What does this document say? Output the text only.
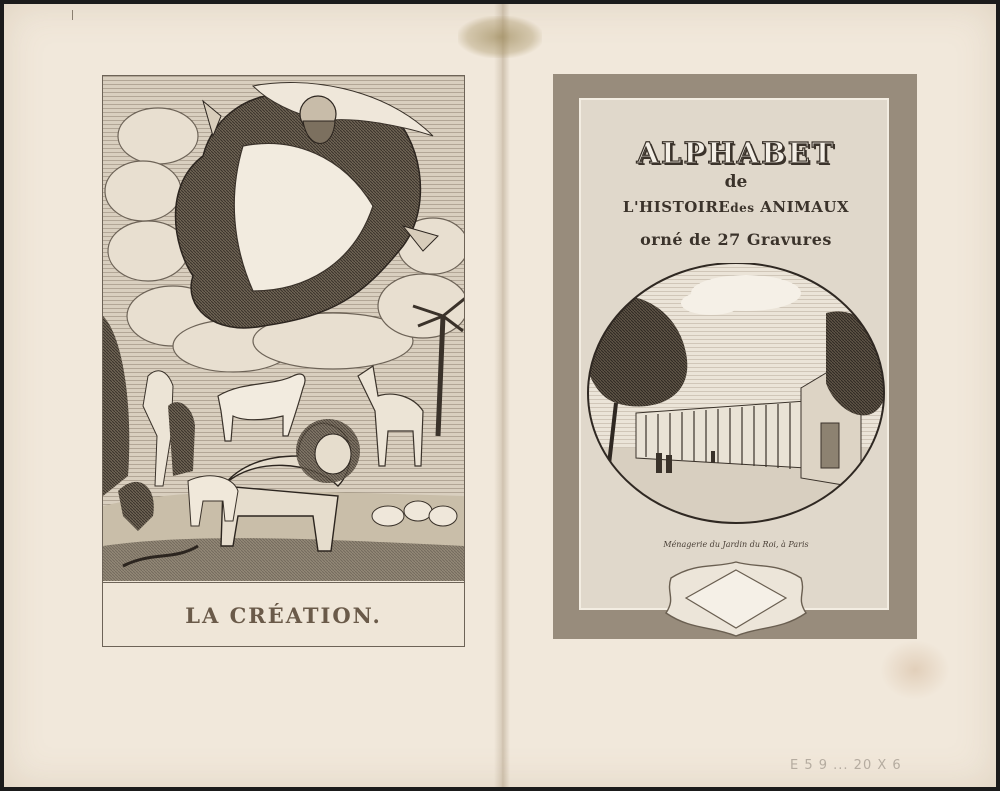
LA CRÉATION.
ALPHABET
de
L'HISTOIREdes ANIMAUX
orné de 27 Gravures
Ménagerie du Jardin du Roi, à Paris
E 5 9 ... 20 X 6
